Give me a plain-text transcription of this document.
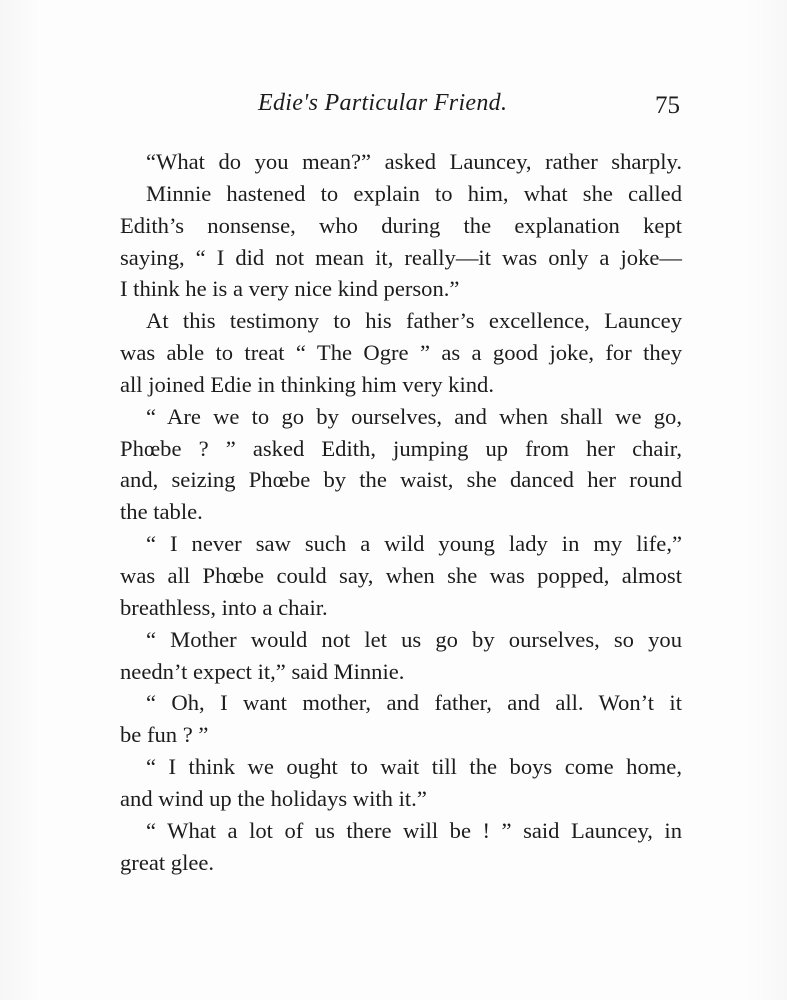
Edie's Particular Friend.	75
“What do you mean?” asked Launcey, rather sharply.
Minnie hastened to explain to him, what she called
Edith’s nonsense, who during the explanation kept
saying, “ I did not mean it, really—it was only a joke—
I think he is a very nice kind person.”
At this testimony to his father’s excellence, Launcey
was able to treat “ The Ogre ” as a good joke, for they
all joined Edie in thinking him very kind.
“ Are we to go by ourselves, and when shall we go,
Phœbe ? ” asked Edith, jumping up from her chair,
and, seizing Phœbe by the waist, she danced her round
the table.
“ I never saw such a wild young lady in my life,”
was all Phœbe could say, when she was popped, almost
breathless, into a chair.
“ Mother would not let us go by ourselves, so you
needn’t expect it,” said Minnie.
“ Oh, I want mother, and father, and all. Won’t it
be fun ? ”
“ I think we ought to wait till the boys come home,
and wind up the holidays with it.”
“ What a lot of us there will be ! ” said Launcey, in
great glee.
